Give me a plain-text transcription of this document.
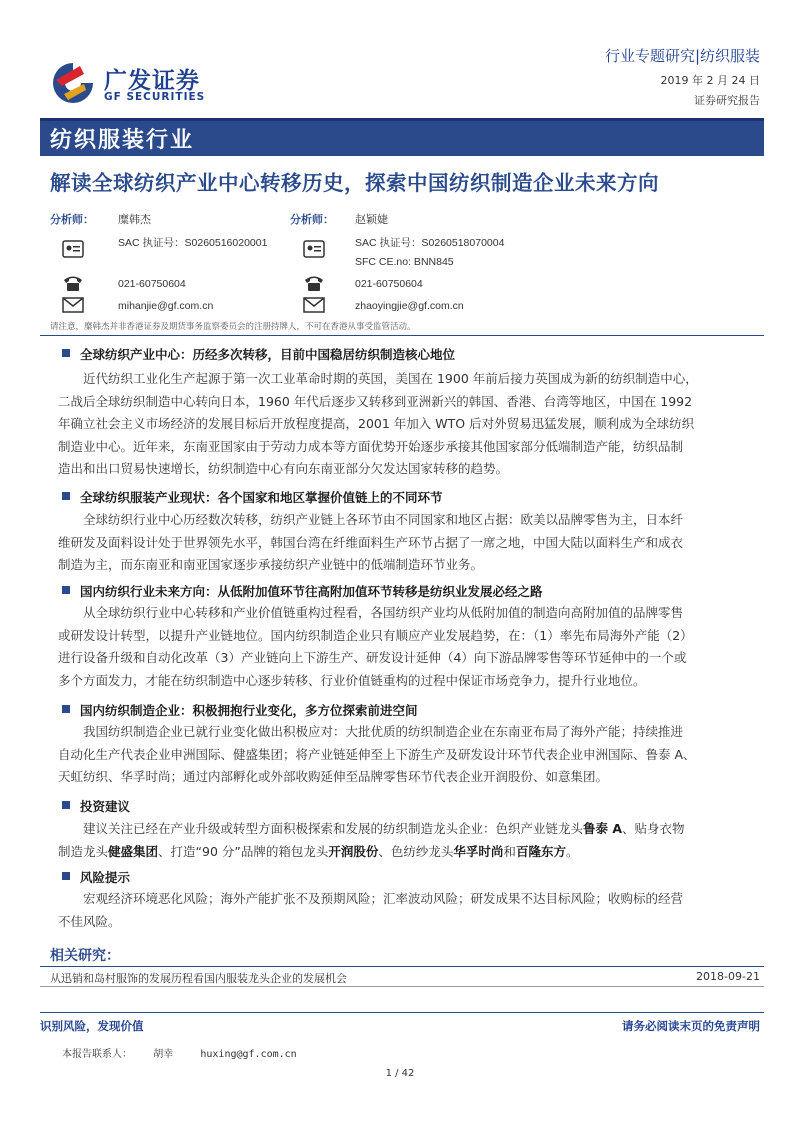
广发证券
GF SECURITIES
行业专题研究|纺织服装
2019 年 2 月 24 日
证券研究报告
纺织服装行业
解读全球纺织产业中心转移历史，探索中国纺织制造企业未来方向
分析师： 糜韩杰
SAC 执证号：S0260516020001
021-60750604
mihanjie@gf.com.cn
分析师： 赵颖婕
SAC 执证号：S0260518070004
SFC CE.no: BNN845
021-60750604
zhaoyingjie@gf.com.cn
请注意，糜韩杰并非香港证券及期货事务监察委员会的注册持牌人，不可在香港从事受监管活动。
全球纺织产业中心：历经多次转移，目前中国稳居纺织制造核心地位
近代纺织工业化生产起源于第一次工业革命时期的英国，美国在 1900 年前后接力英国成为新的纺织制造中心，
二战后全球纺织制造中心转向日本，1960 年代后逐步又转移到亚洲新兴的韩国、香港、台湾等地区，中国在 1992
年确立社会主义市场经济的发展目标后开放程度提高，2001 年加入 WTO 后对外贸易迅猛发展，顺利成为全球纺织
制造业中心。近年来，东南亚国家由于劳动力成本等方面优势开始逐步承接其他国家部分低端制造产能，纺织品制
造出和出口贸易快速增长，纺织制造中心有向东南亚部分欠发达国家转移的趋势。
全球纺织服装产业现状：各个国家和地区掌握价值链上的不同环节
全球纺织行业中心历经数次转移，纺织产业链上各环节由不同国家和地区占据：欧美以品牌零售为主，日本纤
维研发及面料设计处于世界领先水平，韩国台湾在纤维面料生产环节占据了一席之地，中国大陆以面料生产和成衣
制造为主，而东南亚和南亚国家逐步承接纺织产业链中的低端制造环节业务。
国内纺织行业未来方向：从低附加值环节往高附加值环节转移是纺织业发展必经之路
从全球纺织行业中心转移和产业价值链重构过程看，各国纺织产业均从低附加值的制造向高附加值的品牌零售
或研发设计转型，以提升产业链地位。国内纺织制造企业只有顺应产业发展趋势，在：（1）率先布局海外产能（2）
进行设备升级和自动化改革（3）产业链向上下游生产、研发设计延伸（4）向下游品牌零售等环节延伸中的一个或
多个方面发力，才能在纺织制造中心逐步转移、行业价值链重构的过程中保证市场竞争力，提升行业地位。
国内纺织制造企业：积极拥抱行业变化，多方位探索前进空间
我国纺织制造企业已就行业变化做出积极应对：大批优质的纺织制造企业在东南亚布局了海外产能；持续推进
自动化生产代表企业申洲国际、健盛集团；将产业链延伸至上下游生产及研发设计环节代表企业申洲国际、鲁泰 A、
天虹纺织、华孚时尚；通过内部孵化或外部收购延伸至品牌零售环节代表企业开润股份、如意集团。
投资建议
建议关注已经在产业升级或转型方面积极探索和发展的纺织制造龙头企业：色织产业链龙头鲁泰 A、贴身衣物
制造龙头健盛集团、打造“90 分”品牌的箱包龙头开润股份、色纺纱龙头华孚时尚和百隆东方。
风险提示
宏观经济环境恶化风险；海外产能扩张不及预期风险；汇率波动风险；研发成果不达目标风险；收购标的经营
不佳风险。
相关研究：
从迅销和岛村服饰的发展历程看国内服装龙头企业的发展机会	2018-09-21
识别风险，发现价值	请务必阅读末页的免责声明
本报告联系人： 胡幸	huxing@gf.com.cn
1 / 42
